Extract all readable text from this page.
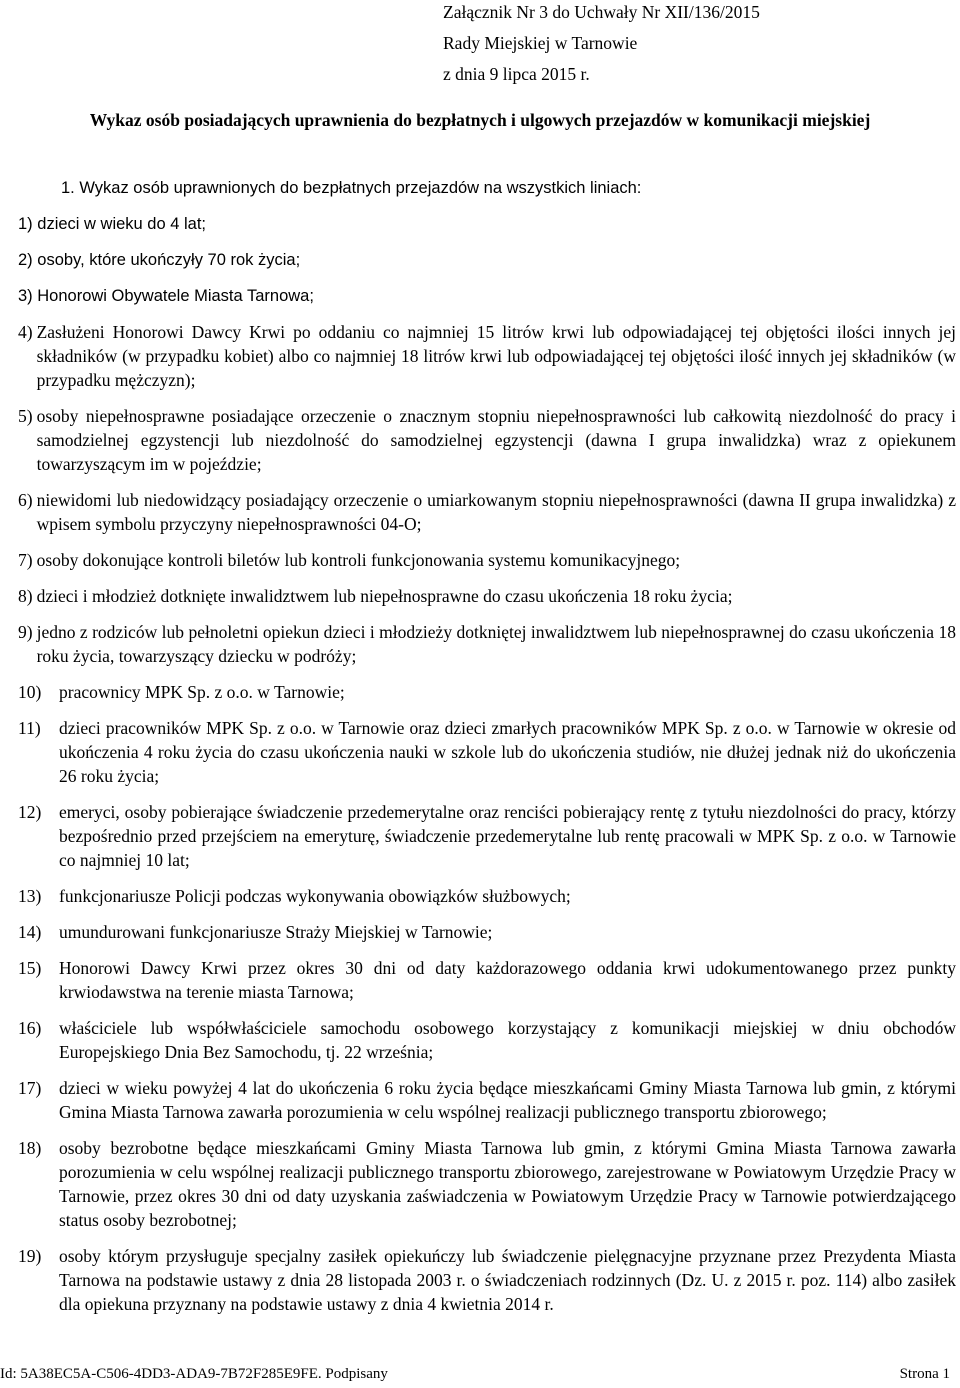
Załącznik Nr 3 do Uchwały Nr XII/136/2015
Rady Miejskiej w Tarnowie
z dnia 9 lipca 2015 r.
Wykaz osób posiadających uprawnienia do bezpłatnych i ulgowych przejazdów w komunikacji miejskiej
1. Wykaz osób uprawnionych do bezpłatnych przejazdów na wszystkich liniach:
1) dzieci w wieku do 4 lat;
2) osoby, które ukończyły 70 rok życia;
3) Honorowi Obywatele Miasta Tarnowa;
4) Zasłużeni Honorowi Dawcy Krwi po oddaniu co najmniej 15 litrów krwi lub odpowiadającej tej objętości ilości innych jej składników (w przypadku kobiet) albo co najmniej 18 litrów krwi lub odpowiadającej tej objętości ilość innych jej składników (w przypadku mężczyzn);
5) osoby niepełnosprawne posiadające orzeczenie o znacznym stopniu niepełnosprawności lub całkowitą niezdolność do pracy i samodzielnej egzystencji lub niezdolność do samodzielnej egzystencji (dawna I grupa inwalidzka) wraz z opiekunem towarzyszącym im w pojeździe;
6) niewidomi lub niedowidzący posiadający orzeczenie o umiarkowanym stopniu niepełnosprawności (dawna II grupa inwalidzka) z wpisem symbolu przyczyny niepełnosprawności 04-O;
7) osoby dokonujące kontroli biletów lub kontroli funkcjonowania systemu komunikacyjnego;
8) dzieci i młodzież dotknięte inwalidztwem lub niepełnosprawne do czasu ukończenia 18 roku życia;
9) jedno z rodziców lub pełnoletni opiekun dzieci i młodzieży dotkniętej inwalidztwem lub niepełnosprawnej do czasu ukończenia 18 roku życia, towarzyszący dziecku w podróży;
10)	pracownicy MPK Sp. z o.o. w Tarnowie;
11)	dzieci pracowników MPK Sp. z o.o. w Tarnowie oraz dzieci zmarłych pracowników MPK Sp. z o.o. w Tarnowie w okresie od ukończenia 4 roku życia do czasu ukończenia nauki w szkole lub do ukończenia studiów, nie dłużej jednak niż do ukończenia 26 roku życia;
12)	emeryci, osoby pobierające świadczenie przedemerytalne oraz renciści pobierający rentę z tytułu niezdolności do pracy, którzy bezpośrednio przed przejściem na emeryturę, świadczenie przedemerytalne lub rentę pracowali w MPK Sp. z o.o. w Tarnowie co najmniej 10 lat;
13)	funkcjonariusze Policji podczas wykonywania obowiązków służbowych;
14)	umundurowani funkcjonariusze Straży Miejskiej w Tarnowie;
15)	Honorowi Dawcy Krwi przez okres 30 dni od daty każdorazowego oddania krwi udokumentowanego przez punkty krwiodawstwa na terenie miasta Tarnowa;
16)	właściciele lub współwłaściciele samochodu osobowego korzystający z komunikacji miejskiej w dniu obchodów Europejskiego Dnia Bez Samochodu, tj. 22 września;
17)	dzieci w wieku powyżej 4 lat do ukończenia 6 roku życia będące mieszkańcami Gminy Miasta Tarnowa lub gmin, z którymi Gmina Miasta Tarnowa zawarła porozumienia w celu wspólnej realizacji publicznego transportu zbiorowego;
18)	osoby bezrobotne będące mieszkańcami Gminy Miasta Tarnowa lub gmin, z którymi Gmina Miasta Tarnowa zawarła porozumienia w celu wspólnej realizacji publicznego transportu zbiorowego, zarejestrowane w Powiatowym Urzędzie Pracy w Tarnowie, przez okres 30 dni od daty uzyskania zaświadczenia w Powiatowym Urzędzie Pracy w Tarnowie potwierdzającego status osoby bezrobotnej;
19)	osoby którym przysługuje specjalny zasiłek opiekuńczy lub świadczenie pielęgnacyjne przyznane przez Prezydenta Miasta Tarnowa na podstawie ustawy z dnia 28 listopada 2003 r. o świadczeniach rodzinnych (Dz. U. z 2015 r. poz. 114) albo zasiłek dla opiekuna przyznany na podstawie ustawy z dnia 4 kwietnia 2014 r.
Id: 5A38EC5A-C506-4DD3-ADA9-7B72F285E9FE. Podpisany	Strona 1
